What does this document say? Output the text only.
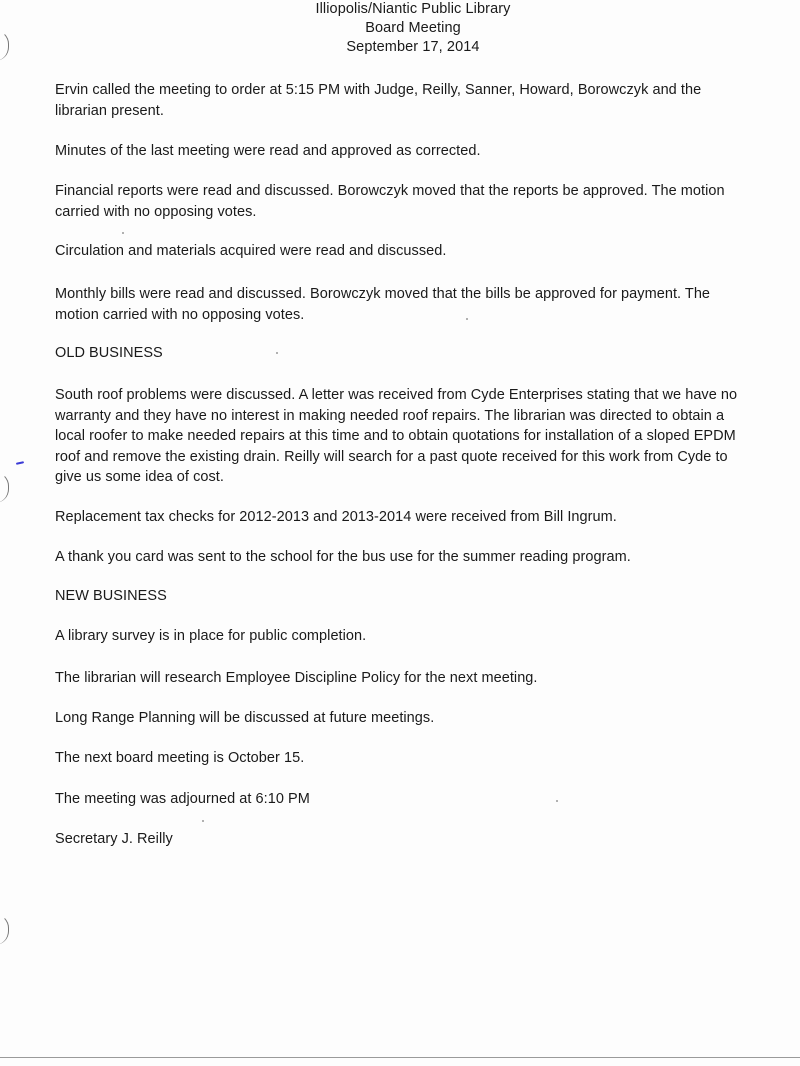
Illiopolis/Niantic Public Library
Board Meeting
September 17, 2014

Ervin called the meeting to order at 5:15 PM with Judge, Reilly, Sanner, Howard, Borowczyk and the librarian present.

Minutes of the last meeting were read and approved as corrected.

Financial reports were read and discussed. Borowczyk moved that the reports be approved. The motion carried with no opposing votes.

Circulation and materials acquired were read and discussed.

Monthly bills were read and discussed. Borowczyk moved that the bills be approved for payment. The motion carried with no opposing votes.

OLD BUSINESS

South roof problems were discussed. A letter was received from Cyde Enterprises stating that we have no warranty and they have no interest in making needed roof repairs. The librarian was directed to obtain a local roofer to make needed repairs at this time and to obtain quotations for installation of a sloped EPDM roof and remove the existing drain. Reilly will search for a past quote received for this work from Cyde to give us some idea of cost.

Replacement tax checks for 2012-2013 and 2013-2014 were received from Bill Ingrum.

A thank you card was sent to the school for the bus use for the summer reading program.

NEW BUSINESS

A library survey is in place for public completion.

The librarian will research Employee Discipline Policy for the next meeting.

Long Range Planning will be discussed at future meetings.

The next board meeting is October 15.

The meeting was adjourned at 6:10 PM

Secretary J. Reilly
